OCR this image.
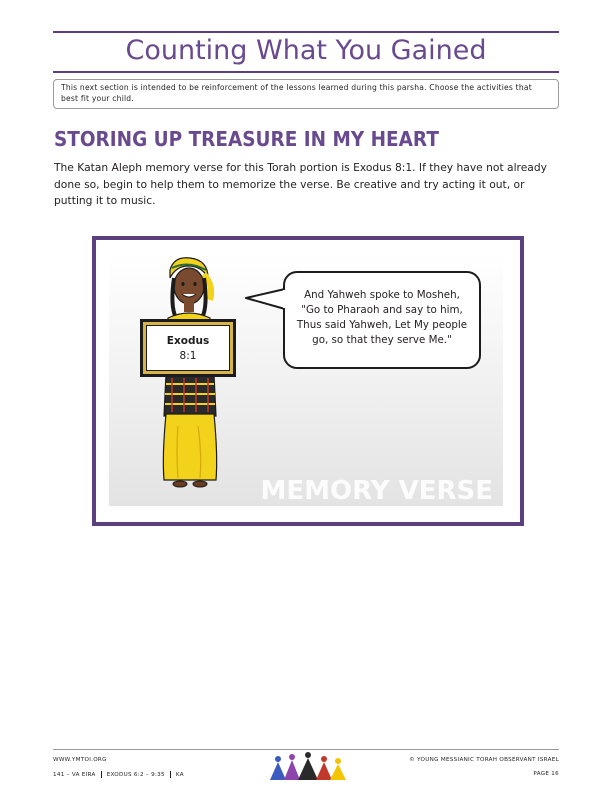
Counting What You Gained
This next section is intended to be reinforcement of the lessons learned during this parsha. Choose the activities that best fit your child.
STORING UP TREASURE IN MY HEART

The Katan Aleph memory verse for this Torah portion is Exodus 8:1. If they have not already done so, begin to help them to memorize the verse. Be creative and try acting it out, or putting it to music.

MEMORY VERSE
Exodus
8:1
And Yahweh spoke to Mosheh, "Go to Pharaoh and say to him, Thus said Yahweh, Let My people go, so that they serve Me."
WWW.YMTOI.ORG
141 – VA EIRA EXODUS 6:2 – 9:35 KA
© YOUNG MESSIANIC TORAH OBSERVANT ISRAEL
PAGE 16
